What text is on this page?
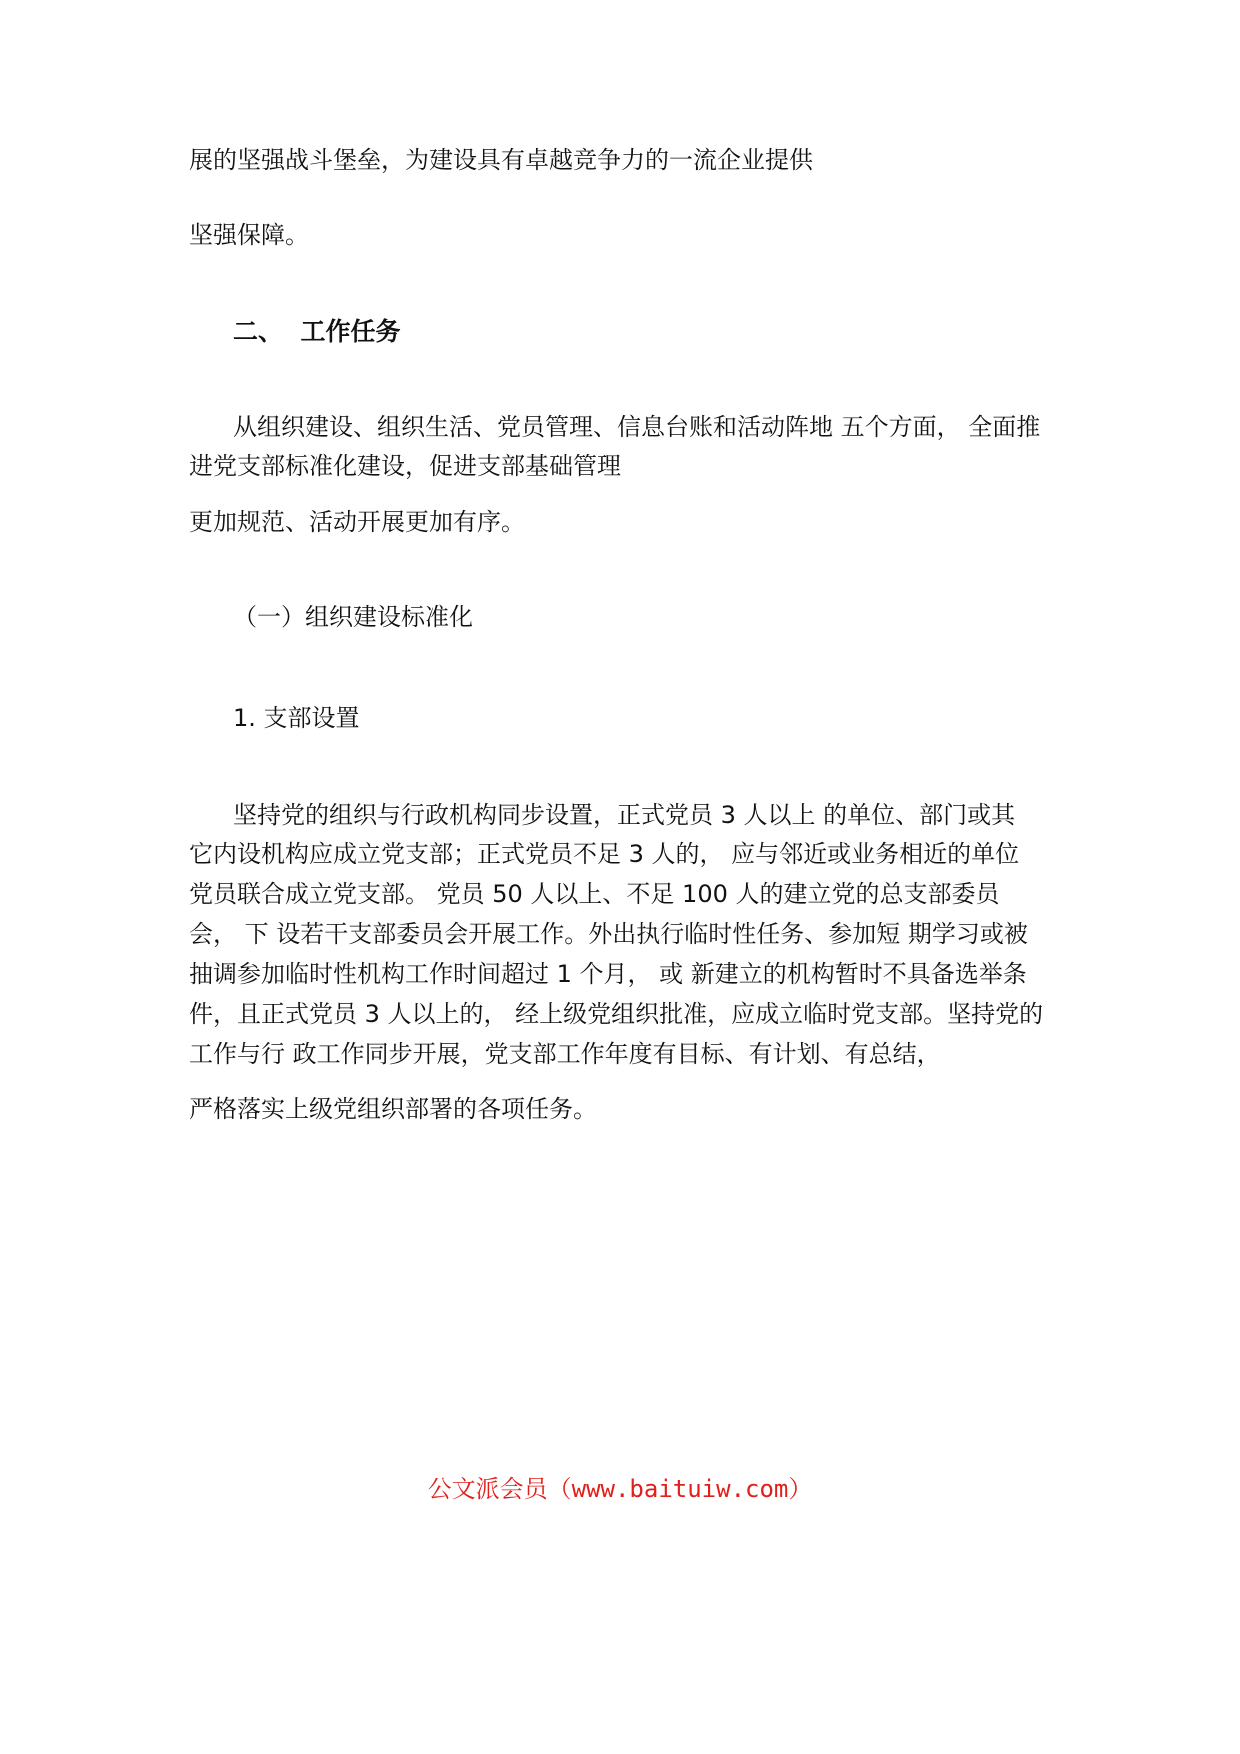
展的坚强战斗堡垒，为建设具有卓越竞争力的一流企业提供
坚强保障。
二、 工作任务
从组织建设、组织生活、党员管理、信息台账和活动阵地 五个方面， 全面推
进党支部标准化建设，促进支部基础管理
更加规范、活动开展更加有序。
（一）组织建设标准化
1. 支部设置
坚持党的组织与行政机构同步设置，正式党员 3 人以上 的单位、部门或其
它内设机构应成立党支部；正式党员不足 3 人的， 应与邻近或业务相近的单位
党员联合成立党支部。 党员 50 人以上、不足 100 人的建立党的总支部委员
会， 下 设若干支部委员会开展工作。外出执行临时性任务、参加短 期学习或被
抽调参加临时性机构工作时间超过 1 个月， 或 新建立的机构暂时不具备选举条
件，且正式党员 3 人以上的， 经上级党组织批准，应成立临时党支部。坚持党的
工作与行 政工作同步开展，党支部工作年度有目标、有计划、有总结，
严格落实上级党组织部署的各项任务。
公文派会员（www.baituiw.com）
